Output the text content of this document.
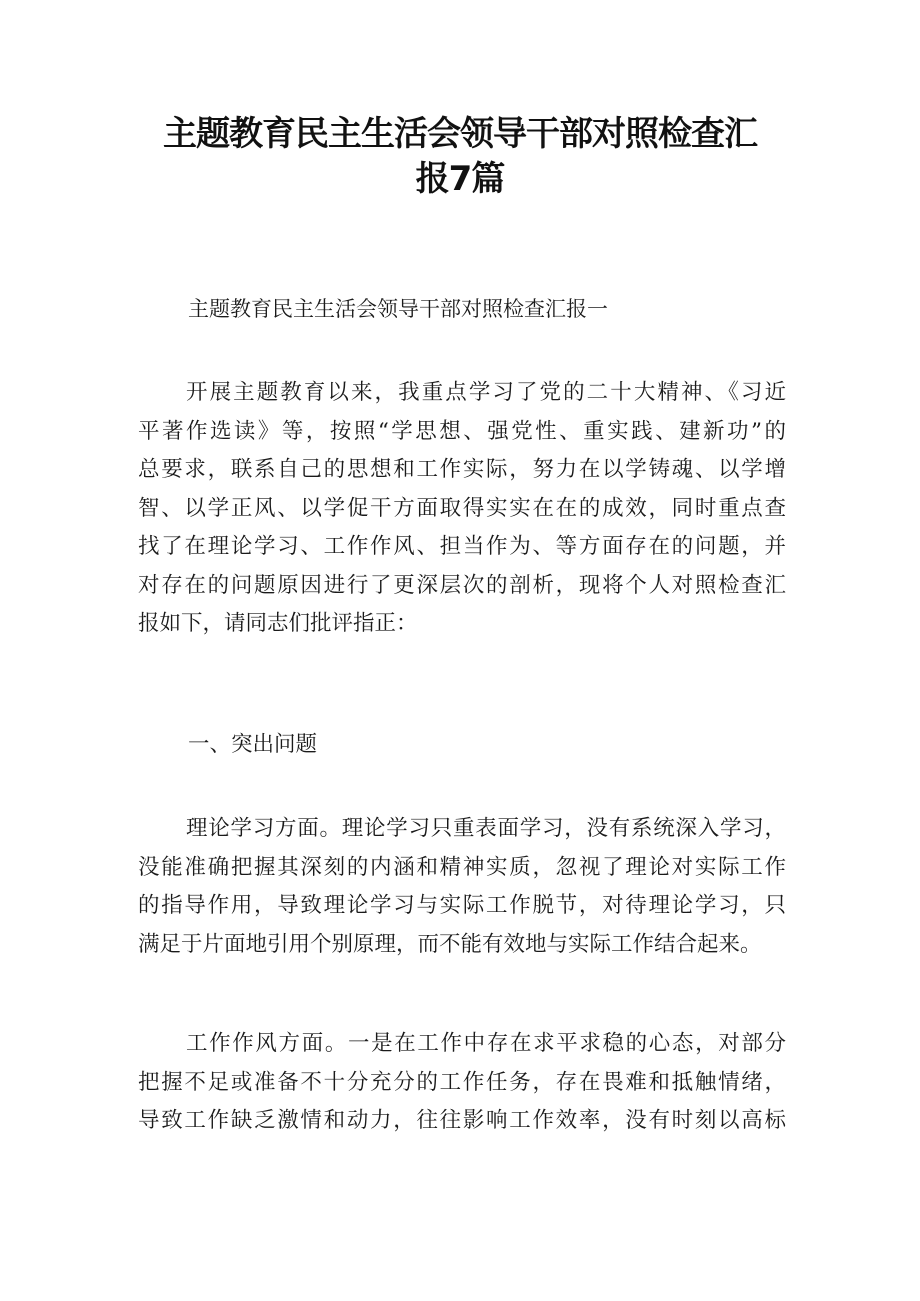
主题教育民主生活会领导干部对照检查汇
报7篇
主题教育民主生活会领导干部对照检查汇报一
开展主题教育以来，我重点学习了党的二十大精神、《习近
平著作选读》等，按照“学思想、强党性、重实践、建新功”的
总要求，联系自己的思想和工作实际，努力在以学铸魂、以学增
智、以学正风、以学促干方面取得实实在在的成效，同时重点查
找了在理论学习、工作作风、担当作为、等方面存在的问题，并
对存在的问题原因进行了更深层次的剖析，现将个人对照检查汇
报如下，请同志们批评指正：
一、突出问题
理论学习方面。理论学习只重表面学习，没有系统深入学习，
没能准确把握其深刻的内涵和精神实质，忽视了理论对实际工作
的指导作用，导致理论学习与实际工作脱节，对待理论学习，只
满足于片面地引用个别原理，而不能有效地与实际工作结合起来。
工作作风方面。一是在工作中存在求平求稳的心态，对部分
把握不足或准备不十分充分的工作任务，存在畏难和抵触情绪，
导致工作缺乏激情和动力，往往影响工作效率，没有时刻以高标
